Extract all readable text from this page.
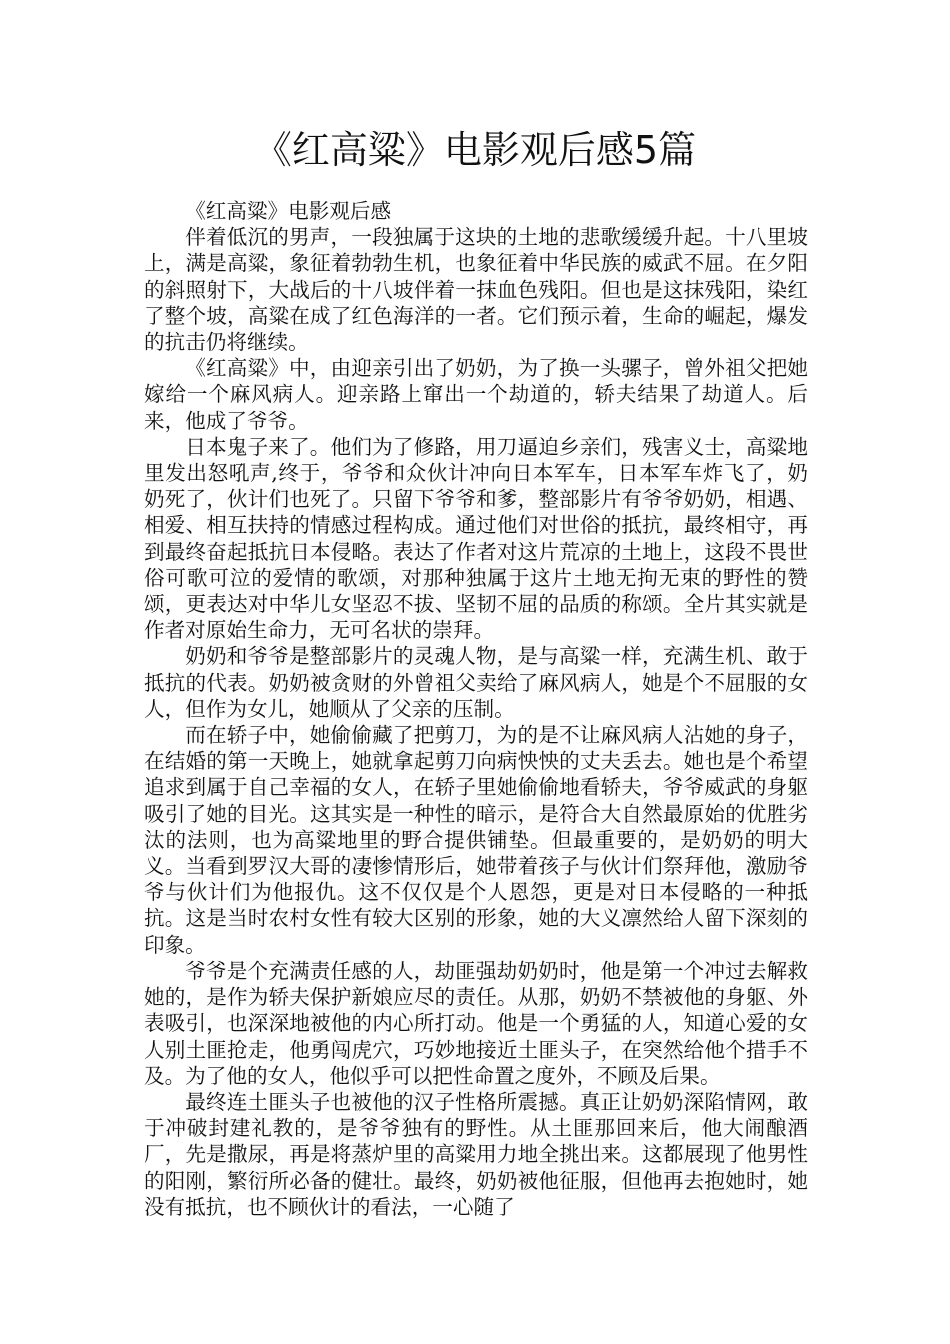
《红高粱》电影观后感5篇

《红高粱》电影观后感

伴着低沉的男声，一段独属于这块的土地的悲歌缓缓升起。十八里坡上，满是高粱，象征着勃勃生机，也象征着中华民族的威武不屈。在夕阳的斜照射下，大战后的十八坡伴着一抹血色残阳。但也是这抹残阳，染红了整个坡，高粱在成了红色海洋的一者。它们预示着，生命的崛起，爆发的抗击仍将继续。

《红高粱》中，由迎亲引出了奶奶，为了换一头骡子，曾外祖父把她嫁给一个麻风病人。迎亲路上窜出一个劫道的，轿夫结果了劫道人。后来，他成了爷爷。

日本鬼子来了。他们为了修路，用刀逼迫乡亲们，残害义士，高粱地里发出怒吼声,终于，爷爷和众伙计冲向日本军车，日本军车炸飞了，奶奶死了，伙计们也死了。只留下爷爷和爹，整部影片有爷爷奶奶，相遇、相爱、相互扶持的情感过程构成。通过他们对世俗的抵抗，最终相守，再到最终奋起抵抗日本侵略。表达了作者对这片荒凉的土地上，这段不畏世俗可歌可泣的爱情的歌颂，对那种独属于这片土地无拘无束的野性的赞颂，更表达对中华儿女坚忍不拔、坚韧不屈的品质的称颂。全片其实就是作者对原始生命力，无可名状的崇拜。

奶奶和爷爷是整部影片的灵魂人物，是与高粱一样，充满生机、敢于抵抗的代表。奶奶被贪财的外曾祖父卖给了麻风病人，她是个不屈服的女人，但作为女儿，她顺从了父亲的压制。

而在轿子中，她偷偷藏了把剪刀，为的是不让麻风病人沾她的身子，在结婚的第一天晚上，她就拿起剪刀向病怏怏的丈夫丢去。她也是个希望追求到属于自己幸福的女人，在轿子里她偷偷地看轿夫，爷爷威武的身躯吸引了她的目光。这其实是一种性的暗示，是符合大自然最原始的优胜劣汰的法则，也为高粱地里的野合提供铺垫。但最重要的，是奶奶的明大义。当看到罗汉大哥的凄惨情形后，她带着孩子与伙计们祭拜他，激励爷爷与伙计们为他报仇。这不仅仅是个人恩怨，更是对日本侵略的一种抵抗。这是当时农村女性有较大区别的形象，她的大义凛然给人留下深刻的印象。

爷爷是个充满责任感的人，劫匪强劫奶奶时，他是第一个冲过去解救她的，是作为轿夫保护新娘应尽的责任。从那，奶奶不禁被他的身躯、外表吸引，也深深地被他的内心所打动。他是一个勇猛的人，知道心爱的女人别土匪抢走，他勇闯虎穴，巧妙地接近土匪头子，在突然给他个措手不及。为了他的女人，他似乎可以把性命置之度外，不顾及后果。

最终连土匪头子也被他的汉子性格所震撼。真正让奶奶深陷情网，敢于冲破封建礼教的，是爷爷独有的野性。从土匪那回来后，他大闹酿酒厂，先是撒尿，再是将蒸炉里的高粱用力地全挑出来。这都展现了他男性的阳刚，繁衍所必备的健壮。最终，奶奶被他征服，但他再去抱她时，她没有抵抗，也不顾伙计的看法，一心随了
